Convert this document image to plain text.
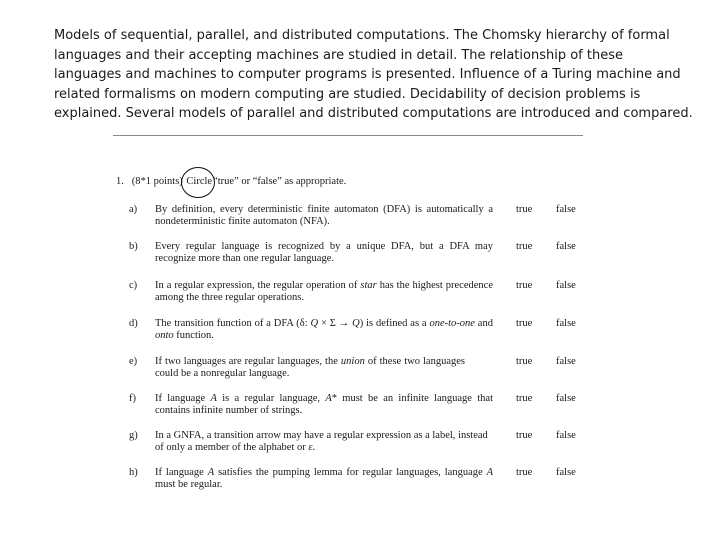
Models of sequential, parallel, and distributed computations. The Chomsky hierarchy of formal languages and their accepting machines are studied in detail. The relationship of these languages and machines to computer programs is presented. Influence of a Turing machine and related formalisms on modern computing are studied. Decidability of decision problems is explained. Several models of parallel and distributed computations are introduced and compared.

1. (8*1 points) Circle“true” or “false” as appropriate.
a)	By definition, every deterministic finite automaton (DFA) is automatically a nondeterministic finite automaton (NFA).
true false
b)	Every regular language is recognized by a unique DFA, but a DFA may recognize more than one regular language.
true false
c)	In a regular expression, the regular operation of star has the highest precedence among the three regular operations.
true false
d)	The transition function of a DFA (δ: Q × Σ → Q) is defined as a one-to-one and onto function.
true false
e)	If two languages are regular languages, the union of these two languages could be a nonregular language.
true false
f)	If language A is a regular language, A* must be an infinite language that contains infinite number of strings.
true false
g)	In a GNFA, a transition arrow may have a regular expression as a label, instead of only a member of the alphabet or ε.
true false
h)	If language A satisfies the pumping lemma for regular languages, language A must be regular.
true false
